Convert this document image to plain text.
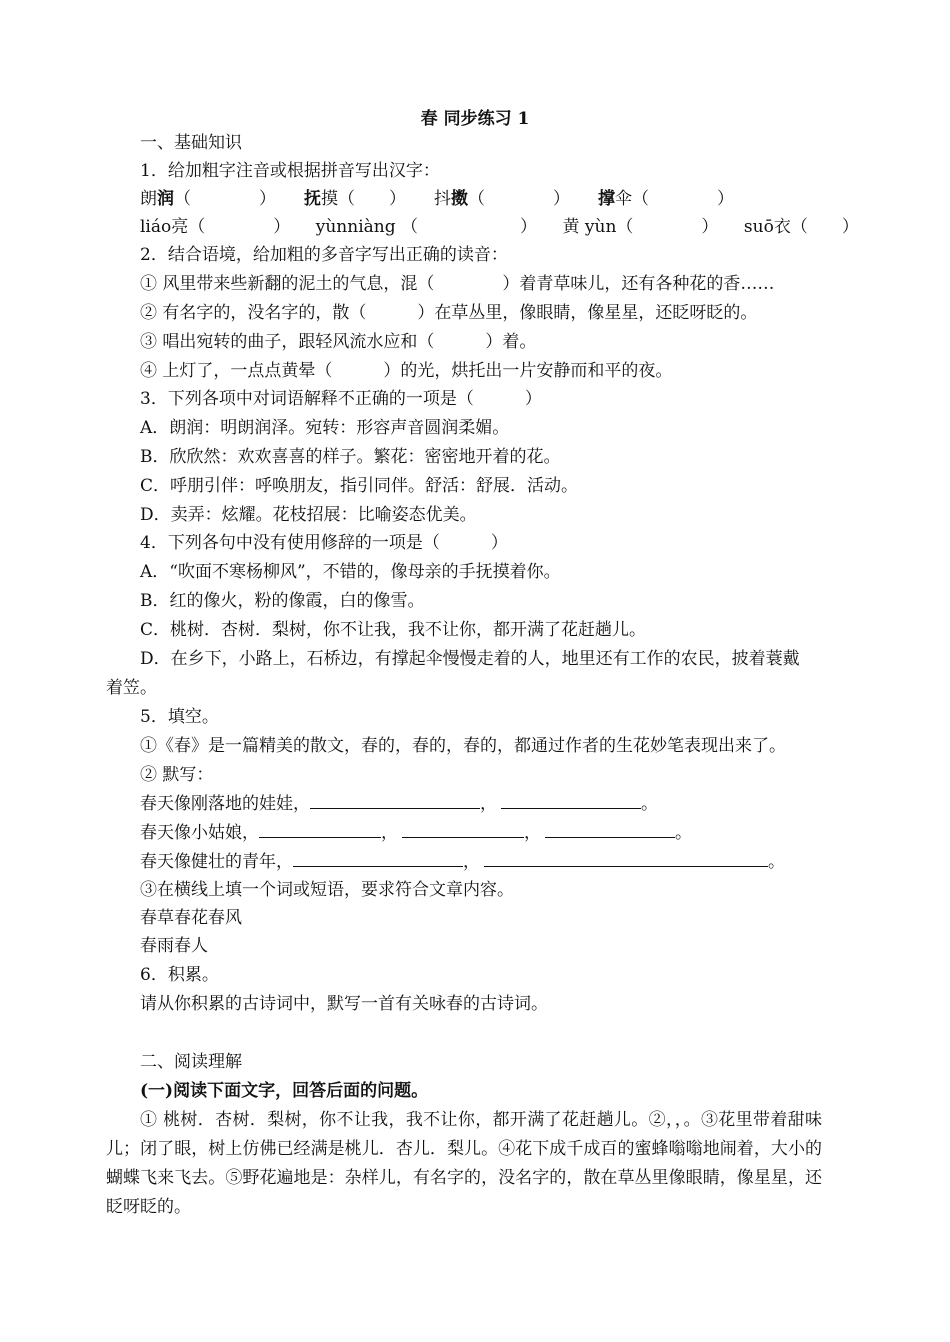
春 同步练习 1
一、基础知识
1．给加粗字注音或根据拼音写出汉字：
朗润（　　　　） 抚摸（　　） 抖擞（　　　　） 撑伞（　　　　）
liáo亮（　　　　）　　yùnniàng （　　　　　　）　　黄 yùn（　　　　）　　suō衣（　　）
2．结合语境，给加粗的多音字写出正确的读音：
① 风里带来些新翻的泥土的气息，混（　　　　）着青草味儿，还有各种花的香……
② 有名字的，没名字的，散（　　　）在草丛里，像眼睛，像星星，还眨呀眨的。
③ 唱出宛转的曲子，跟轻风流水应和（　　　）着。
④ 上灯了，一点点黄晕（　　　）的光，烘托出一片安静而和平的夜。
3．下列各项中对词语解释不正确的一项是（　　　）
A．朗润：明朗润泽。宛转：形容声音圆润柔媚。
B．欣欣然：欢欢喜喜的样子。繁花：密密地开着的花。
C．呼朋引伴：呼唤朋友，指引同伴。舒活：舒展．活动。
D．卖弄：炫耀。花枝招展：比喻姿态优美。
4．下列各句中没有使用修辞的一项是（　　　）
A．“吹面不寒杨柳风”，不错的，像母亲的手抚摸着你。
B．红的像火，粉的像霞，白的像雪。
C．桃树．杏树．梨树，你不让我，我不让你，都开满了花赶趟儿。
D．在乡下，小路上，石桥边，有撑起伞慢慢走着的人，地里还有工作的农民，披着蓑戴
着笠。
5．填空。
①《春》是一篇精美的散文，春的，春的，春的，都通过作者的生花妙笔表现出来了。
② 默写：
春天像刚落地的娃娃，	，	。
春天像小姑娘，	，	，	。
春天像健壮的青年，	，	。
③在横线上填一个词或短语，要求符合文章内容。
春草春花春风
春雨春人
6．积累。
请从你积累的古诗词中，默写一首有关咏春的古诗词。
二、阅读理解
(一)阅读下面文字，回答后面的问题。
① 桃树．杏树．梨树，你不让我，我不让你，都开满了花赶趟儿。②，，。③花里带着甜味儿；闭了眼，树上仿佛已经满是桃儿．杏儿．梨儿。④花下成千成百的蜜蜂嗡嗡地闹着，大小的蝴蝶飞来飞去。⑤野花遍地是：杂样儿，有名字的，没名字的，散在草丛里像眼睛，像星星，还眨呀眨的。
